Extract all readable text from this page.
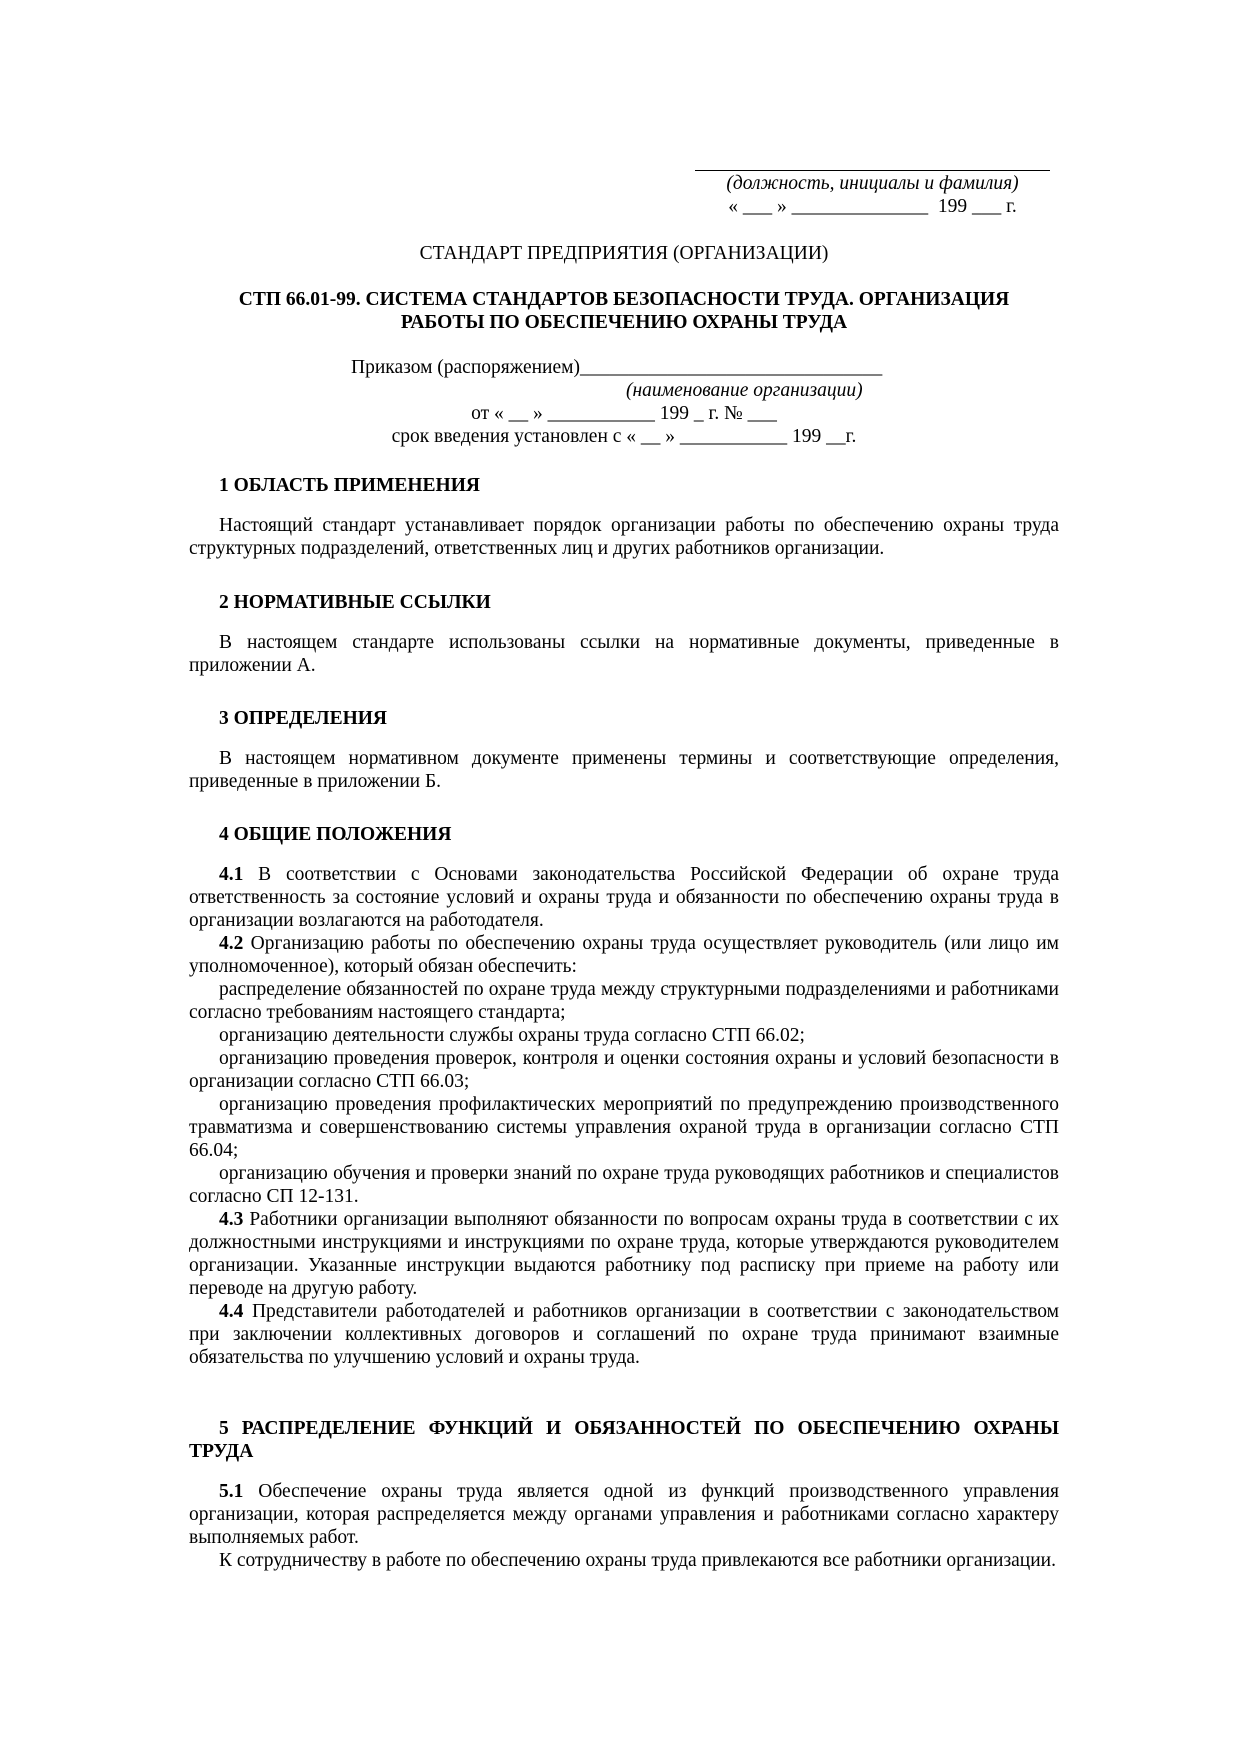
(должность, инициалы и фамилия)
« ___ » ______________  199 ___ г.
СТАНДАРТ ПРЕДПРИЯТИЯ (ОРГАНИЗАЦИИ)
СТП 66.01-99. СИСТЕМА СТАНДАРТОВ БЕЗОПАСНОСТИ ТРУДА. ОРГАНИЗАЦИЯ РАБОТЫ ПО ОБЕСПЕЧЕНИЮ ОХРАНЫ ТРУДА
Приказом (распоряжением)_______________________________
(наименование организации)
от « __ » ___________ 199 _ г. № ___
срок введения установлен с « __ » ___________ 199 __г.
1 ОБЛАСТЬ ПРИМЕНЕНИЯ

Настоящий стандарт устанавливает порядок организации работы по обеспечению охраны труда структурных подразделений, ответственных лиц и других работников организации.

2 НОРМАТИВНЫЕ ССЫЛКИ

В настоящем стандарте использованы ссылки на нормативные документы, приведенные в приложении А.

3 ОПРЕДЕЛЕНИЯ

В настоящем нормативном документе применены термины и соответствующие определения, приведенные в приложении Б.

4 ОБЩИЕ ПОЛОЖЕНИЯ

4.1 В соответствии с Основами законодательства Российской Федерации об охране труда ответственность за состояние условий и охраны труда и обязанности по обеспечению охраны труда в организации возлагаются на работодателя.

4.2 Организацию работы по обеспечению охраны труда осуществляет руководитель (или лицо им уполномоченное), который обязан обеспечить:

распределение обязанностей по охране труда между структурными подразделениями и работниками согласно требованиям настоящего стандарта;

организацию деятельности службы охраны труда согласно СТП 66.02;

организацию проведения проверок, контроля и оценки состояния охраны и условий безопасности в организации согласно СТП 66.03;

организацию проведения профилактических мероприятий по предупреждению производственного травматизма и совершенствованию системы управления охраной труда в организации согласно СТП 66.04;

организацию обучения и проверки знаний по охране труда руководящих работников и специалистов согласно СП 12-131.

4.3 Работники организации выполняют обязанности по вопросам охраны труда в соответствии с их должностными инструкциями и инструкциями по охране труда, которые утверждаются руководителем организации. Указанные инструкции выдаются работнику под расписку при приеме на работу или переводе на другую работу.

4.4 Представители работодателей и работников организации в соответствии с законодательством при заключении коллективных договоров и соглашений по охране труда принимают взаимные обязательства по улучшению условий и охраны труда.

5 РАСПРЕДЕЛЕНИЕ ФУНКЦИЙ И ОБЯЗАННОСТЕЙ ПО ОБЕСПЕЧЕНИЮ ОХРАНЫ ТРУДА

5.1 Обеспечение охраны труда является одной из функций производственного управления организации, которая распределяется между органами управления и работниками согласно характеру выполняемых работ.

К сотрудничеству в работе по обеспечению охраны труда привлекаются все работники организации.
